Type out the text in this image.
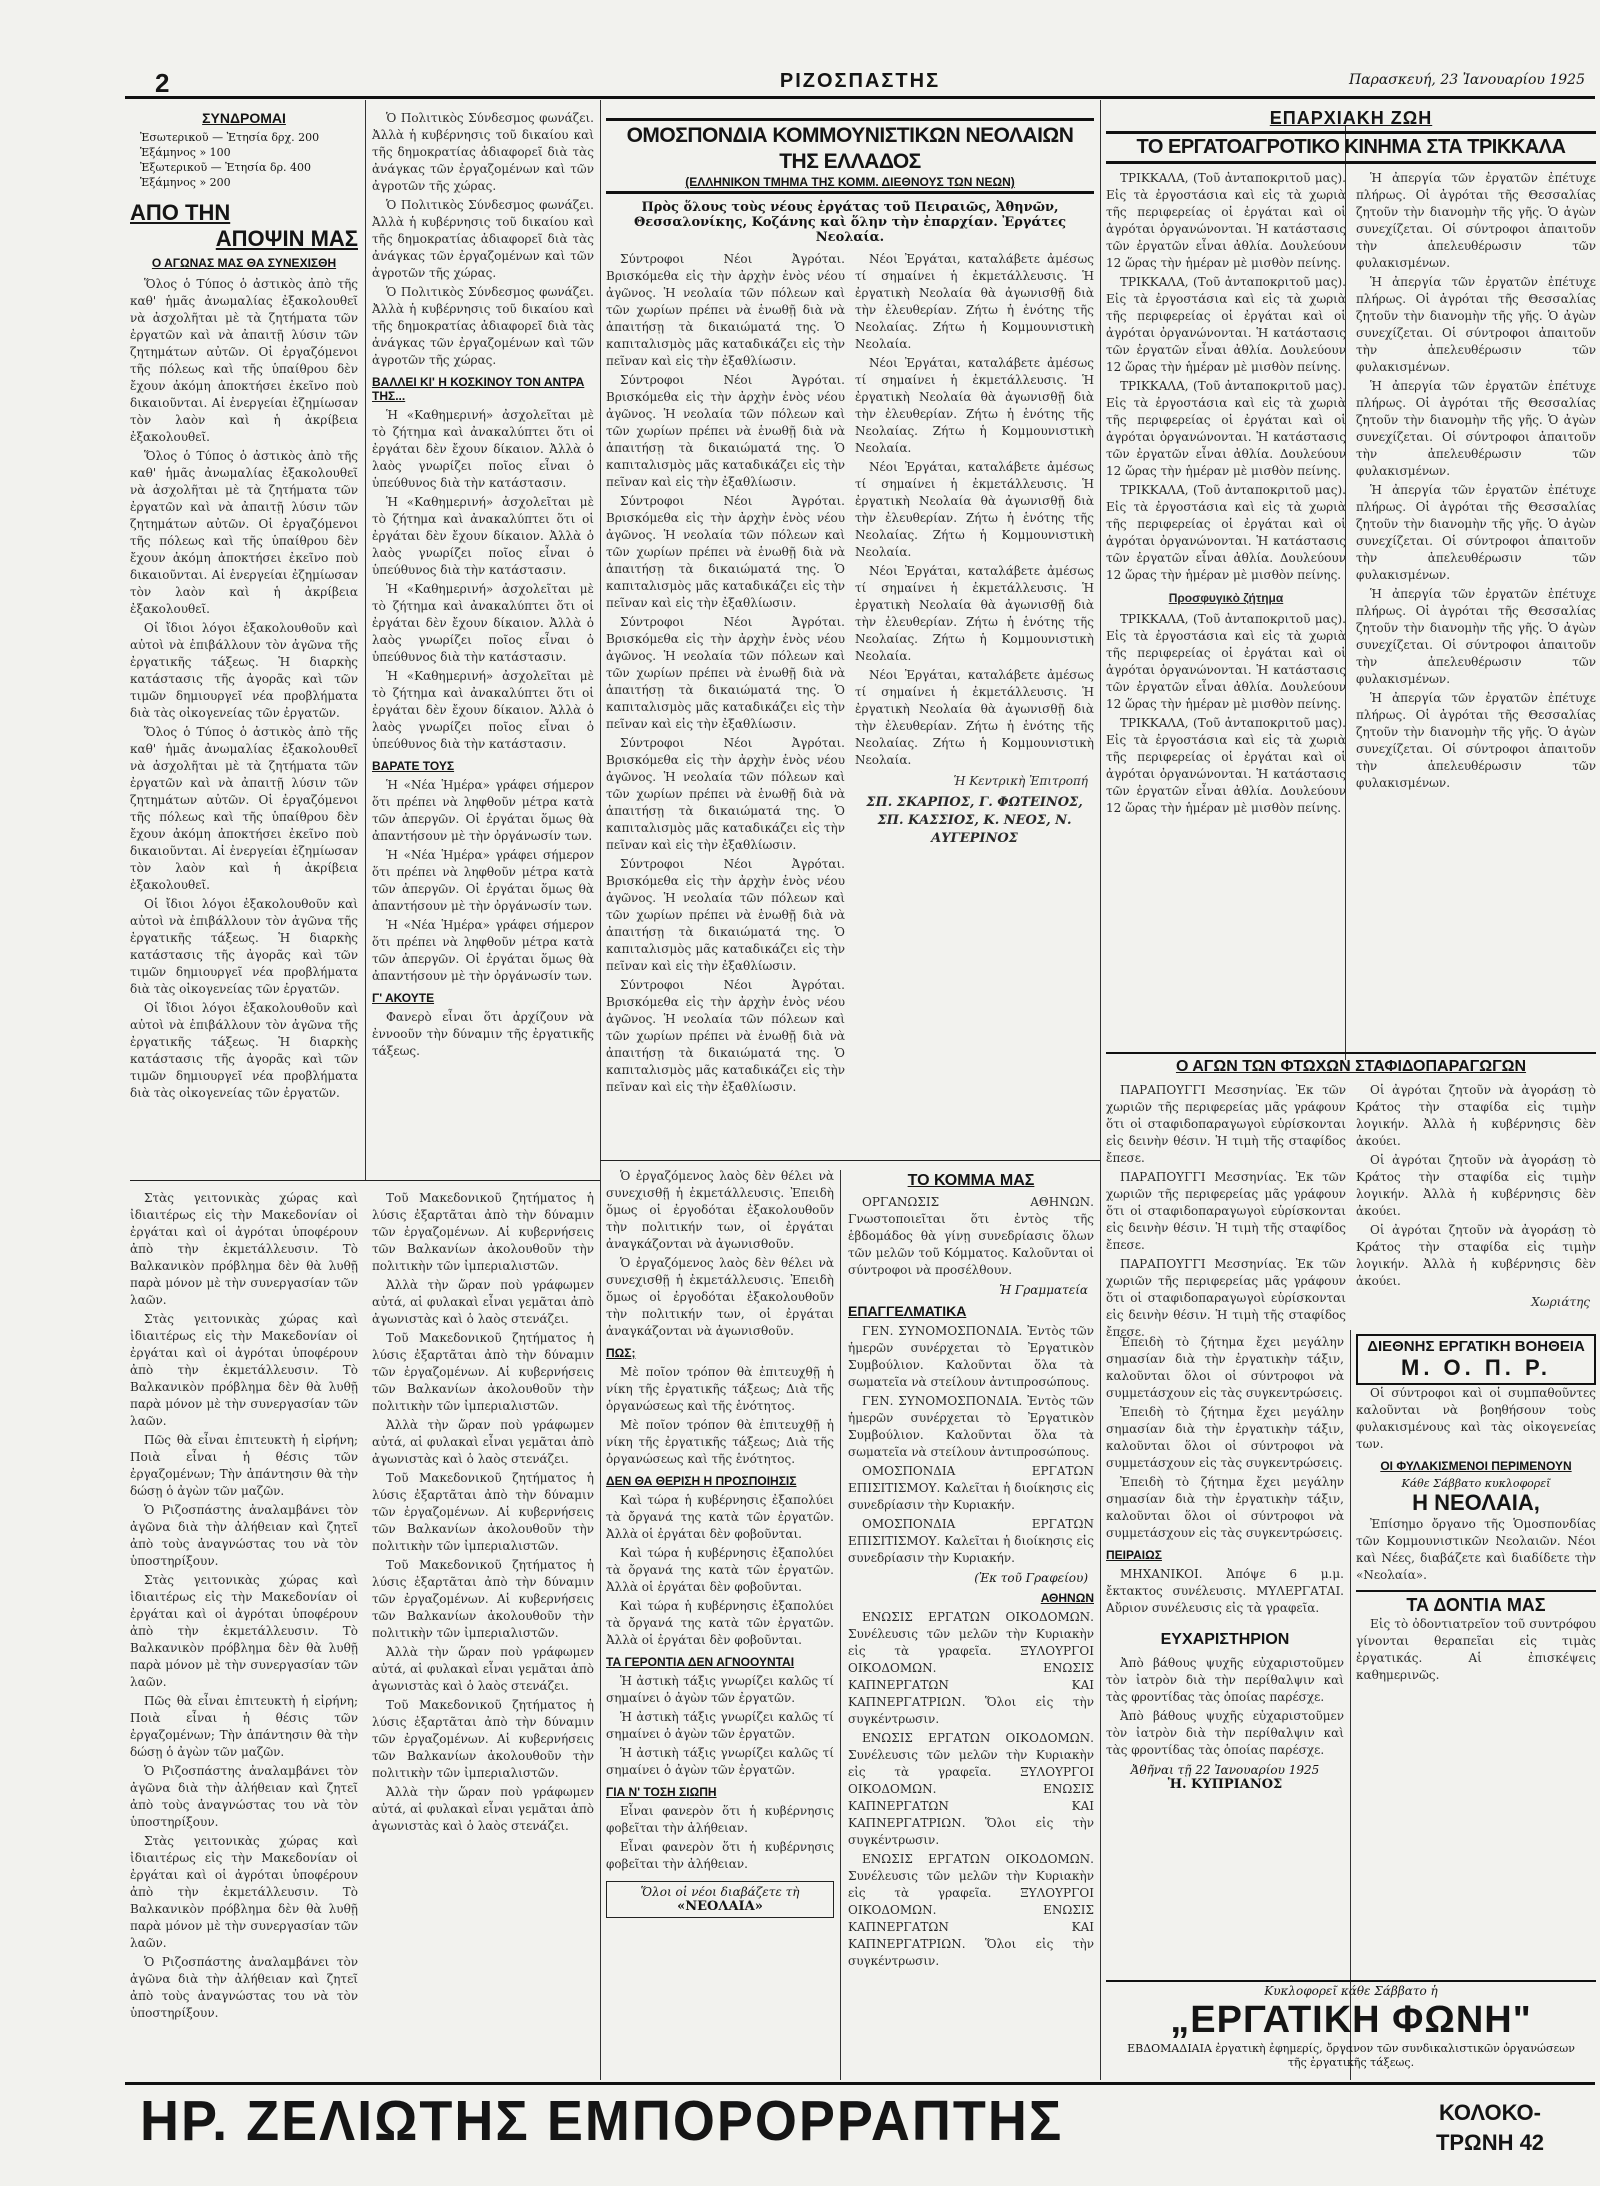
2	ΡΙΖΟΣΠΑΣΤΗΣ	Παρασκευή, 23 Ἰανουαρίου 1925
ΣΥΝΔΡΟΜΑΙ
Ἐσωτερικοῦ — Ἐτησία δρχ. 200
Ἑξάμηνος » 100
Ἐξωτερικοῦ — Ἐτησία δρ. 400
Ἑξάμηνος » 200
ΑΠΟ ΤΗΝ
ΑΠΟΨΙΝ ΜΑΣ
Ο ΑΓΩΝΑΣ ΜΑΣ ΘΑ ΣΥΝΕΧΙΣΘΗ

Ὅλος ὁ Τύπος ὁ ἀστικὸς ἀπὸ τῆς καθ' ἡμᾶς ἀνωμαλίας ἐξακολουθεῖ νὰ ἀσχολῆται μὲ τὰ ζητήματα τῶν ἐργατῶν καὶ νὰ ἀπαιτῇ λύσιν τῶν ζητημάτων αὐτῶν. Οἱ ἐργαζόμενοι τῆς πόλεως καὶ τῆς ὑπαίθρου δὲν ἔχουν ἀκόμη ἀποκτήσει ἐκεῖνο ποὺ δικαιοῦνται. Αἱ ἐνεργείαι ἐζημίωσαν τὸν λαὸν καὶ ἡ ἀκρίβεια ἐξακολουθεῖ.

Ὅλος ὁ Τύπος ὁ ἀστικὸς ἀπὸ τῆς καθ' ἡμᾶς ἀνωμαλίας ἐξακολουθεῖ νὰ ἀσχολῆται μὲ τὰ ζητήματα τῶν ἐργατῶν καὶ νὰ ἀπαιτῇ λύσιν τῶν ζητημάτων αὐτῶν. Οἱ ἐργαζόμενοι τῆς πόλεως καὶ τῆς ὑπαίθρου δὲν ἔχουν ἀκόμη ἀποκτήσει ἐκεῖνο ποὺ δικαιοῦνται. Αἱ ἐνεργείαι ἐζημίωσαν τὸν λαὸν καὶ ἡ ἀκρίβεια ἐξακολουθεῖ.

Οἱ ἴδιοι λόγοι ἐξακολουθοῦν καὶ αὐτοὶ νὰ ἐπιβάλλουν τὸν ἀγῶνα τῆς ἐργατικῆς τάξεως. Ἡ διαρκὴς κατάστασις τῆς ἀγορᾶς καὶ τῶν τιμῶν δημιουργεῖ νέα προβλήματα διὰ τὰς οἰκογενείας τῶν ἐργατῶν.

Ὅλος ὁ Τύπος ὁ ἀστικὸς ἀπὸ τῆς καθ' ἡμᾶς ἀνωμαλίας ἐξακολουθεῖ νὰ ἀσχολῆται μὲ τὰ ζητήματα τῶν ἐργατῶν καὶ νὰ ἀπαιτῇ λύσιν τῶν ζητημάτων αὐτῶν. Οἱ ἐργαζόμενοι τῆς πόλεως καὶ τῆς ὑπαίθρου δὲν ἔχουν ἀκόμη ἀποκτήσει ἐκεῖνο ποὺ δικαιοῦνται. Αἱ ἐνεργείαι ἐζημίωσαν τὸν λαὸν καὶ ἡ ἀκρίβεια ἐξακολουθεῖ.

Οἱ ἴδιοι λόγοι ἐξακολουθοῦν καὶ αὐτοὶ νὰ ἐπιβάλλουν τὸν ἀγῶνα τῆς ἐργατικῆς τάξεως. Ἡ διαρκὴς κατάστασις τῆς ἀγορᾶς καὶ τῶν τιμῶν δημιουργεῖ νέα προβλήματα διὰ τὰς οἰκογενείας τῶν ἐργατῶν.

Οἱ ἴδιοι λόγοι ἐξακολουθοῦν καὶ αὐτοὶ νὰ ἐπιβάλλουν τὸν ἀγῶνα τῆς ἐργατικῆς τάξεως. Ἡ διαρκὴς κατάστασις τῆς ἀγορᾶς καὶ τῶν τιμῶν δημιουργεῖ νέα προβλήματα διὰ τὰς οἰκογενείας τῶν ἐργατῶν.

Ὁ Πολιτικὸς Σύνδεσμος φωνάζει. Ἀλλὰ ἡ κυβέρνησις τοῦ δικαίου καὶ τῆς δημοκρατίας ἀδιαφορεῖ διὰ τὰς ἀνάγκας τῶν ἐργαζομένων καὶ τῶν ἀγροτῶν τῆς χώρας.

Ὁ Πολιτικὸς Σύνδεσμος φωνάζει. Ἀλλὰ ἡ κυβέρνησις τοῦ δικαίου καὶ τῆς δημοκρατίας ἀδιαφορεῖ διὰ τὰς ἀνάγκας τῶν ἐργαζομένων καὶ τῶν ἀγροτῶν τῆς χώρας.

Ὁ Πολιτικὸς Σύνδεσμος φωνάζει. Ἀλλὰ ἡ κυβέρνησις τοῦ δικαίου καὶ τῆς δημοκρατίας ἀδιαφορεῖ διὰ τὰς ἀνάγκας τῶν ἐργαζομένων καὶ τῶν ἀγροτῶν τῆς χώρας.

ΒΑΛΛΕΙ ΚΙ' Η ΚΟΣΚΙΝΟΥ ΤΟΝ ΑΝΤΡΑ ΤΗΣ...

Ἡ «Καθημερινή» ἀσχολεῖται μὲ τὸ ζήτημα καὶ ἀνακαλύπτει ὅτι οἱ ἐργάται δὲν ἔχουν δίκαιον. Ἀλλὰ ὁ λαὸς γνωρίζει ποῖος εἶναι ὁ ὑπεύθυνος διὰ τὴν κατάστασιν.

Ἡ «Καθημερινή» ἀσχολεῖται μὲ τὸ ζήτημα καὶ ἀνακαλύπτει ὅτι οἱ ἐργάται δὲν ἔχουν δίκαιον. Ἀλλὰ ὁ λαὸς γνωρίζει ποῖος εἶναι ὁ ὑπεύθυνος διὰ τὴν κατάστασιν.

Ἡ «Καθημερινή» ἀσχολεῖται μὲ τὸ ζήτημα καὶ ἀνακαλύπτει ὅτι οἱ ἐργάται δὲν ἔχουν δίκαιον. Ἀλλὰ ὁ λαὸς γνωρίζει ποῖος εἶναι ὁ ὑπεύθυνος διὰ τὴν κατάστασιν.

Ἡ «Καθημερινή» ἀσχολεῖται μὲ τὸ ζήτημα καὶ ἀνακαλύπτει ὅτι οἱ ἐργάται δὲν ἔχουν δίκαιον. Ἀλλὰ ὁ λαὸς γνωρίζει ποῖος εἶναι ὁ ὑπεύθυνος διὰ τὴν κατάστασιν.

ΒΑΡΑΤΕ ΤΟΥΣ

Ἡ «Νέα Ἡμέρα» γράφει σήμερον ὅτι πρέπει νὰ ληφθοῦν μέτρα κατὰ τῶν ἀπεργῶν. Οἱ ἐργάται ὅμως θὰ ἀπαντήσουν μὲ τὴν ὀργάνωσίν των.

Ἡ «Νέα Ἡμέρα» γράφει σήμερον ὅτι πρέπει νὰ ληφθοῦν μέτρα κατὰ τῶν ἀπεργῶν. Οἱ ἐργάται ὅμως θὰ ἀπαντήσουν μὲ τὴν ὀργάνωσίν των.

Ἡ «Νέα Ἡμέρα» γράφει σήμερον ὅτι πρέπει νὰ ληφθοῦν μέτρα κατὰ τῶν ἀπεργῶν. Οἱ ἐργάται ὅμως θὰ ἀπαντήσουν μὲ τὴν ὀργάνωσίν των.

Γ' ΑΚΟΥΤΕ

Φανερὸ εἶναι ὅτι ἀρχίζουν νὰ ἐννοοῦν τὴν δύναμιν τῆς ἐργατικῆς τάξεως.

Στὰς γειτονικὰς χώρας καὶ ἰδιαιτέρως εἰς τὴν Μακεδονίαν οἱ ἐργάται καὶ οἱ ἀγρόται ὑποφέρουν ἀπὸ τὴν ἐκμετάλλευσιν. Τὸ Βαλκανικὸν πρόβλημα δὲν θὰ λυθῇ παρὰ μόνον μὲ τὴν συνεργασίαν τῶν λαῶν.

Στὰς γειτονικὰς χώρας καὶ ἰδιαιτέρως εἰς τὴν Μακεδονίαν οἱ ἐργάται καὶ οἱ ἀγρόται ὑποφέρουν ἀπὸ τὴν ἐκμετάλλευσιν. Τὸ Βαλκανικὸν πρόβλημα δὲν θὰ λυθῇ παρὰ μόνον μὲ τὴν συνεργασίαν τῶν λαῶν.

Πῶς θὰ εἶναι ἐπιτευκτὴ ἡ εἰρήνη; Ποιὰ εἶναι ἡ θέσις τῶν ἐργαζομένων; Τὴν ἀπάντησιν θὰ τὴν δώσῃ ὁ ἀγὼν τῶν μαζῶν.

Ὁ Ριζοσπάστης ἀναλαμβάνει τὸν ἀγῶνα διὰ τὴν ἀλήθειαν καὶ ζητεῖ ἀπὸ τοὺς ἀναγνώστας του νὰ τὸν ὑποστηρίξουν.

Στὰς γειτονικὰς χώρας καὶ ἰδιαιτέρως εἰς τὴν Μακεδονίαν οἱ ἐργάται καὶ οἱ ἀγρόται ὑποφέρουν ἀπὸ τὴν ἐκμετάλλευσιν. Τὸ Βαλκανικὸν πρόβλημα δὲν θὰ λυθῇ παρὰ μόνον μὲ τὴν συνεργασίαν τῶν λαῶν.

Πῶς θὰ εἶναι ἐπιτευκτὴ ἡ εἰρήνη; Ποιὰ εἶναι ἡ θέσις τῶν ἐργαζομένων; Τὴν ἀπάντησιν θὰ τὴν δώσῃ ὁ ἀγὼν τῶν μαζῶν.

Ὁ Ριζοσπάστης ἀναλαμβάνει τὸν ἀγῶνα διὰ τὴν ἀλήθειαν καὶ ζητεῖ ἀπὸ τοὺς ἀναγνώστας του νὰ τὸν ὑποστηρίξουν.

Στὰς γειτονικὰς χώρας καὶ ἰδιαιτέρως εἰς τὴν Μακεδονίαν οἱ ἐργάται καὶ οἱ ἀγρόται ὑποφέρουν ἀπὸ τὴν ἐκμετάλλευσιν. Τὸ Βαλκανικὸν πρόβλημα δὲν θὰ λυθῇ παρὰ μόνον μὲ τὴν συνεργασίαν τῶν λαῶν.

Ὁ Ριζοσπάστης ἀναλαμβάνει τὸν ἀγῶνα διὰ τὴν ἀλήθειαν καὶ ζητεῖ ἀπὸ τοὺς ἀναγνώστας του νὰ τὸν ὑποστηρίξουν.

Τοῦ Μακεδονικοῦ ζητήματος ἡ λύσις ἐξαρτᾶται ἀπὸ τὴν δύναμιν τῶν ἐργαζομένων. Αἱ κυβερνήσεις τῶν Βαλκανίων ἀκολουθοῦν τὴν πολιτικὴν τῶν ἰμπεριαλιστῶν.

Ἀλλὰ τὴν ὥραν ποὺ γράφωμεν αὐτά, αἱ φυλακαὶ εἶναι γεμᾶται ἀπὸ ἀγωνιστὰς καὶ ὁ λαὸς στενάζει.

Τοῦ Μακεδονικοῦ ζητήματος ἡ λύσις ἐξαρτᾶται ἀπὸ τὴν δύναμιν τῶν ἐργαζομένων. Αἱ κυβερνήσεις τῶν Βαλκανίων ἀκολουθοῦν τὴν πολιτικὴν τῶν ἰμπεριαλιστῶν.

Ἀλλὰ τὴν ὥραν ποὺ γράφωμεν αὐτά, αἱ φυλακαὶ εἶναι γεμᾶται ἀπὸ ἀγωνιστὰς καὶ ὁ λαὸς στενάζει.

Τοῦ Μακεδονικοῦ ζητήματος ἡ λύσις ἐξαρτᾶται ἀπὸ τὴν δύναμιν τῶν ἐργαζομένων. Αἱ κυβερνήσεις τῶν Βαλκανίων ἀκολουθοῦν τὴν πολιτικὴν τῶν ἰμπεριαλιστῶν.

Τοῦ Μακεδονικοῦ ζητήματος ἡ λύσις ἐξαρτᾶται ἀπὸ τὴν δύναμιν τῶν ἐργαζομένων. Αἱ κυβερνήσεις τῶν Βαλκανίων ἀκολουθοῦν τὴν πολιτικὴν τῶν ἰμπεριαλιστῶν.

Ἀλλὰ τὴν ὥραν ποὺ γράφωμεν αὐτά, αἱ φυλακαὶ εἶναι γεμᾶται ἀπὸ ἀγωνιστὰς καὶ ὁ λαὸς στενάζει.

Τοῦ Μακεδονικοῦ ζητήματος ἡ λύσις ἐξαρτᾶται ἀπὸ τὴν δύναμιν τῶν ἐργαζομένων. Αἱ κυβερνήσεις τῶν Βαλκανίων ἀκολουθοῦν τὴν πολιτικὴν τῶν ἰμπεριαλιστῶν.

Ἀλλὰ τὴν ὥραν ποὺ γράφωμεν αὐτά, αἱ φυλακαὶ εἶναι γεμᾶται ἀπὸ ἀγωνιστὰς καὶ ὁ λαὸς στενάζει.

ΟΜΟΣΠΟΝΔΙΑ ΚΟΜΜΟΥΝΙΣΤΙΚΩΝ ΝΕΟΛΑΙΩΝ ΤΗΣ ΕΛΛΑΔΟΣ
(ΕΛΛΗΝΙΚΟΝ ΤΜΗΜΑ ΤΗΣ ΚΟΜΜ. ΔΙΕΘΝΟΥΣ ΤΩΝ ΝΕΩΝ)
Πρὸς ὅλους τοὺς νέους ἐργάτας τοῦ Πειραιῶς, Ἀθηνῶν, Θεσσαλονίκης, Κοζάνης καὶ ὅλην τὴν ἐπαρχίαν. Ἐργάτες Νεολαία.

Σύντροφοι Νέοι Ἀγρόται. Βρισκόμεθα εἰς τὴν ἀρχὴν ἑνὸς νέου ἀγῶνος. Ἡ νεολαία τῶν πόλεων καὶ τῶν χωρίων πρέπει νὰ ἑνωθῇ διὰ νὰ ἀπαιτήσῃ τὰ δικαιώματά της. Ὁ καπιταλισμὸς μᾶς καταδικάζει εἰς τὴν πεῖναν καὶ εἰς τὴν ἐξαθλίωσιν.

Σύντροφοι Νέοι Ἀγρόται. Βρισκόμεθα εἰς τὴν ἀρχὴν ἑνὸς νέου ἀγῶνος. Ἡ νεολαία τῶν πόλεων καὶ τῶν χωρίων πρέπει νὰ ἑνωθῇ διὰ νὰ ἀπαιτήσῃ τὰ δικαιώματά της. Ὁ καπιταλισμὸς μᾶς καταδικάζει εἰς τὴν πεῖναν καὶ εἰς τὴν ἐξαθλίωσιν.

Σύντροφοι Νέοι Ἀγρόται. Βρισκόμεθα εἰς τὴν ἀρχὴν ἑνὸς νέου ἀγῶνος. Ἡ νεολαία τῶν πόλεων καὶ τῶν χωρίων πρέπει νὰ ἑνωθῇ διὰ νὰ ἀπαιτήσῃ τὰ δικαιώματά της. Ὁ καπιταλισμὸς μᾶς καταδικάζει εἰς τὴν πεῖναν καὶ εἰς τὴν ἐξαθλίωσιν.

Σύντροφοι Νέοι Ἀγρόται. Βρισκόμεθα εἰς τὴν ἀρχὴν ἑνὸς νέου ἀγῶνος. Ἡ νεολαία τῶν πόλεων καὶ τῶν χωρίων πρέπει νὰ ἑνωθῇ διὰ νὰ ἀπαιτήσῃ τὰ δικαιώματά της. Ὁ καπιταλισμὸς μᾶς καταδικάζει εἰς τὴν πεῖναν καὶ εἰς τὴν ἐξαθλίωσιν.

Σύντροφοι Νέοι Ἀγρόται. Βρισκόμεθα εἰς τὴν ἀρχὴν ἑνὸς νέου ἀγῶνος. Ἡ νεολαία τῶν πόλεων καὶ τῶν χωρίων πρέπει νὰ ἑνωθῇ διὰ νὰ ἀπαιτήσῃ τὰ δικαιώματά της. Ὁ καπιταλισμὸς μᾶς καταδικάζει εἰς τὴν πεῖναν καὶ εἰς τὴν ἐξαθλίωσιν.

Σύντροφοι Νέοι Ἀγρόται. Βρισκόμεθα εἰς τὴν ἀρχὴν ἑνὸς νέου ἀγῶνος. Ἡ νεολαία τῶν πόλεων καὶ τῶν χωρίων πρέπει νὰ ἑνωθῇ διὰ νὰ ἀπαιτήσῃ τὰ δικαιώματά της. Ὁ καπιταλισμὸς μᾶς καταδικάζει εἰς τὴν πεῖναν καὶ εἰς τὴν ἐξαθλίωσιν.

Σύντροφοι Νέοι Ἀγρόται. Βρισκόμεθα εἰς τὴν ἀρχὴν ἑνὸς νέου ἀγῶνος. Ἡ νεολαία τῶν πόλεων καὶ τῶν χωρίων πρέπει νὰ ἑνωθῇ διὰ νὰ ἀπαιτήσῃ τὰ δικαιώματά της. Ὁ καπιταλισμὸς μᾶς καταδικάζει εἰς τὴν πεῖναν καὶ εἰς τὴν ἐξαθλίωσιν.

Νέοι Ἐργάται, καταλάβετε ἀμέσως τί σημαίνει ἡ ἐκμετάλλευσις. Ἡ ἐργατικὴ Νεολαία θὰ ἀγωνισθῇ διὰ τὴν ἐλευθερίαν. Ζήτω ἡ ἑνότης τῆς Νεολαίας. Ζήτω ἡ Κομμουνιστικὴ Νεολαία.

Νέοι Ἐργάται, καταλάβετε ἀμέσως τί σημαίνει ἡ ἐκμετάλλευσις. Ἡ ἐργατικὴ Νεολαία θὰ ἀγωνισθῇ διὰ τὴν ἐλευθερίαν. Ζήτω ἡ ἑνότης τῆς Νεολαίας. Ζήτω ἡ Κομμουνιστικὴ Νεολαία.

Νέοι Ἐργάται, καταλάβετε ἀμέσως τί σημαίνει ἡ ἐκμετάλλευσις. Ἡ ἐργατικὴ Νεολαία θὰ ἀγωνισθῇ διὰ τὴν ἐλευθερίαν. Ζήτω ἡ ἑνότης τῆς Νεολαίας. Ζήτω ἡ Κομμουνιστικὴ Νεολαία.

Νέοι Ἐργάται, καταλάβετε ἀμέσως τί σημαίνει ἡ ἐκμετάλλευσις. Ἡ ἐργατικὴ Νεολαία θὰ ἀγωνισθῇ διὰ τὴν ἐλευθερίαν. Ζήτω ἡ ἑνότης τῆς Νεολαίας. Ζήτω ἡ Κομμουνιστικὴ Νεολαία.

Νέοι Ἐργάται, καταλάβετε ἀμέσως τί σημαίνει ἡ ἐκμετάλλευσις. Ἡ ἐργατικὴ Νεολαία θὰ ἀγωνισθῇ διὰ τὴν ἐλευθερίαν. Ζήτω ἡ ἑνότης τῆς Νεολαίας. Ζήτω ἡ Κομμουνιστικὴ Νεολαία.

Ἡ Κεντρικὴ Ἐπιτροπή
ΣΠ. ΣΚΑΡΠΟΣ, Γ. ΦΩΤΕΙΝΟΣ, ΣΠ. ΚΑΣΣΙΟΣ, Κ. ΝΕΟΣ, Ν. ΑΥΓΕΡΙΝΟΣ

Ὁ ἐργαζόμενος λαὸς δὲν θέλει νὰ συνεχισθῇ ἡ ἐκμετάλλευσις. Ἐπειδὴ ὅμως οἱ ἐργοδόται ἐξακολουθοῦν τὴν πολιτικήν των, οἱ ἐργάται ἀναγκάζονται νὰ ἀγωνισθοῦν.

Ὁ ἐργαζόμενος λαὸς δὲν θέλει νὰ συνεχισθῇ ἡ ἐκμετάλλευσις. Ἐπειδὴ ὅμως οἱ ἐργοδόται ἐξακολουθοῦν τὴν πολιτικήν των, οἱ ἐργάται ἀναγκάζονται νὰ ἀγωνισθοῦν.

ΠΩΣ;

Μὲ ποῖον τρόπον θὰ ἐπιτευχθῇ ἡ νίκη τῆς ἐργατικῆς τάξεως; Διὰ τῆς ὀργανώσεως καὶ τῆς ἑνότητος.

Μὲ ποῖον τρόπον θὰ ἐπιτευχθῇ ἡ νίκη τῆς ἐργατικῆς τάξεως; Διὰ τῆς ὀργανώσεως καὶ τῆς ἑνότητος.

ΔΕΝ ΘΑ ΘΕΡΙΣΗ Η ΠΡΟΣΠΟΙΗΣΙΣ

Καὶ τώρα ἡ κυβέρνησις ἐξαπολύει τὰ ὄργανά της κατὰ τῶν ἐργατῶν. Ἀλλὰ οἱ ἐργάται δὲν φοβοῦνται.

Καὶ τώρα ἡ κυβέρνησις ἐξαπολύει τὰ ὄργανά της κατὰ τῶν ἐργατῶν. Ἀλλὰ οἱ ἐργάται δὲν φοβοῦνται.

Καὶ τώρα ἡ κυβέρνησις ἐξαπολύει τὰ ὄργανά της κατὰ τῶν ἐργατῶν. Ἀλλὰ οἱ ἐργάται δὲν φοβοῦνται.

ΤΑ ΓΕΡΟΝΤΙΑ ΔΕΝ ΑΓΝΟΟΥΝΤΑΙ

Ἡ ἀστικὴ τάξις γνωρίζει καλῶς τί σημαίνει ὁ ἀγὼν τῶν ἐργατῶν.

Ἡ ἀστικὴ τάξις γνωρίζει καλῶς τί σημαίνει ὁ ἀγὼν τῶν ἐργατῶν.

Ἡ ἀστικὴ τάξις γνωρίζει καλῶς τί σημαίνει ὁ ἀγὼν τῶν ἐργατῶν.

ΓΙΑ Ν' ΤΟΣΗ ΣΙΩΠΗ

Εἶναι φανερὸν ὅτι ἡ κυβέρνησις φοβεῖται τὴν ἀλήθειαν.

Εἶναι φανερὸν ὅτι ἡ κυβέρνησις φοβεῖται τὴν ἀλήθειαν.

Ὅλοι οἱ νέοι διαβάζετε τὴ
«ΝΕΟΛΑΙΑ»
ΤΟ ΚΟΜΜΑ ΜΑΣ

ΟΡΓΑΝΩΣΙΣ ΑΘΗΝΩΝ. Γνωστοποιεῖται ὅτι ἐντὸς τῆς ἑβδομάδος θὰ γίνῃ συνεδρίασις ὅλων τῶν μελῶν τοῦ Κόμματος. Καλοῦνται οἱ σύντροφοι νὰ προσέλθουν.

Ἡ Γραμματεία
ΕΠΑΓΓΕΛΜΑΤΙΚΑ

ΓΕΝ. ΣΥΝΟΜΟΣΠΟΝΔΙΑ. Ἐντὸς τῶν ἡμερῶν συνέρχεται τὸ Ἐργατικὸν Συμβούλιον. Καλοῦνται ὅλα τὰ σωματεῖα νὰ στείλουν ἀντιπροσώπους.

ΓΕΝ. ΣΥΝΟΜΟΣΠΟΝΔΙΑ. Ἐντὸς τῶν ἡμερῶν συνέρχεται τὸ Ἐργατικὸν Συμβούλιον. Καλοῦνται ὅλα τὰ σωματεῖα νὰ στείλουν ἀντιπροσώπους.

ΟΜΟΣΠΟΝΔΙΑ ΕΡΓΑΤΩΝ ΕΠΙΣΙΤΙΣΜΟΥ. Καλεῖται ἡ διοίκησις εἰς συνεδρίασιν τὴν Κυριακήν.

ΟΜΟΣΠΟΝΔΙΑ ΕΡΓΑΤΩΝ ΕΠΙΣΙΤΙΣΜΟΥ. Καλεῖται ἡ διοίκησις εἰς συνεδρίασιν τὴν Κυριακήν.

(Ἐκ τοῦ Γραφείου)
ΑΘΗΝΩΝ

ΕΝΩΣΙΣ ΕΡΓΑΤΩΝ ΟΙΚΟΔΟΜΩΝ. Συνέλευσις τῶν μελῶν τὴν Κυριακὴν εἰς τὰ γραφεῖα. ΞΥΛΟΥΡΓΟΙ ΟΙΚΟΔΟΜΩΝ. ΕΝΩΣΙΣ ΚΑΠΝΕΡΓΑΤΩΝ ΚΑΙ ΚΑΠΝΕΡΓΑΤΡΙΩΝ. Ὅλοι εἰς τὴν συγκέντρωσιν.

ΕΝΩΣΙΣ ΕΡΓΑΤΩΝ ΟΙΚΟΔΟΜΩΝ. Συνέλευσις τῶν μελῶν τὴν Κυριακὴν εἰς τὰ γραφεῖα. ΞΥΛΟΥΡΓΟΙ ΟΙΚΟΔΟΜΩΝ. ΕΝΩΣΙΣ ΚΑΠΝΕΡΓΑΤΩΝ ΚΑΙ ΚΑΠΝΕΡΓΑΤΡΙΩΝ. Ὅλοι εἰς τὴν συγκέντρωσιν.

ΕΝΩΣΙΣ ΕΡΓΑΤΩΝ ΟΙΚΟΔΟΜΩΝ. Συνέλευσις τῶν μελῶν τὴν Κυριακὴν εἰς τὰ γραφεῖα. ΞΥΛΟΥΡΓΟΙ ΟΙΚΟΔΟΜΩΝ. ΕΝΩΣΙΣ ΚΑΠΝΕΡΓΑΤΩΝ ΚΑΙ ΚΑΠΝΕΡΓΑΤΡΙΩΝ. Ὅλοι εἰς τὴν συγκέντρωσιν.

ΕΠΑΡΧΙΑΚΗ ΖΩΗ
ΤΟ ΕΡΓΑΤΟΑΓΡΟΤΙΚΟ ΚΙΝΗΜΑ ΣΤΑ ΤΡΙΚΚΑΛΑ

ΤΡΙΚΚΑΛΑ, (Τοῦ ἀνταποκριτοῦ μας). Εἰς τὰ ἐργοστάσια καὶ εἰς τὰ χωριὰ τῆς περιφερείας οἱ ἐργάται καὶ οἱ ἀγρόται ὀργανώνονται. Ἡ κατάστασις τῶν ἐργατῶν εἶναι ἀθλία. Δουλεύουν 12 ὥρας τὴν ἡμέραν μὲ μισθὸν πείνης.

ΤΡΙΚΚΑΛΑ, (Τοῦ ἀνταποκριτοῦ μας). Εἰς τὰ ἐργοστάσια καὶ εἰς τὰ χωριὰ τῆς περιφερείας οἱ ἐργάται καὶ οἱ ἀγρόται ὀργανώνονται. Ἡ κατάστασις τῶν ἐργατῶν εἶναι ἀθλία. Δουλεύουν 12 ὥρας τὴν ἡμέραν μὲ μισθὸν πείνης.

ΤΡΙΚΚΑΛΑ, (Τοῦ ἀνταποκριτοῦ μας). Εἰς τὰ ἐργοστάσια καὶ εἰς τὰ χωριὰ τῆς περιφερείας οἱ ἐργάται καὶ οἱ ἀγρόται ὀργανώνονται. Ἡ κατάστασις τῶν ἐργατῶν εἶναι ἀθλία. Δουλεύουν 12 ὥρας τὴν ἡμέραν μὲ μισθὸν πείνης.

ΤΡΙΚΚΑΛΑ, (Τοῦ ἀνταποκριτοῦ μας). Εἰς τὰ ἐργοστάσια καὶ εἰς τὰ χωριὰ τῆς περιφερείας οἱ ἐργάται καὶ οἱ ἀγρόται ὀργανώνονται. Ἡ κατάστασις τῶν ἐργατῶν εἶναι ἀθλία. Δουλεύουν 12 ὥρας τὴν ἡμέραν μὲ μισθὸν πείνης.

Προσφυγικὸ ζήτημα

ΤΡΙΚΚΑΛΑ, (Τοῦ ἀνταποκριτοῦ μας). Εἰς τὰ ἐργοστάσια καὶ εἰς τὰ χωριὰ τῆς περιφερείας οἱ ἐργάται καὶ οἱ ἀγρόται ὀργανώνονται. Ἡ κατάστασις τῶν ἐργατῶν εἶναι ἀθλία. Δουλεύουν 12 ὥρας τὴν ἡμέραν μὲ μισθὸν πείνης.

ΤΡΙΚΚΑΛΑ, (Τοῦ ἀνταποκριτοῦ μας). Εἰς τὰ ἐργοστάσια καὶ εἰς τὰ χωριὰ τῆς περιφερείας οἱ ἐργάται καὶ οἱ ἀγρόται ὀργανώνονται. Ἡ κατάστασις τῶν ἐργατῶν εἶναι ἀθλία. Δουλεύουν 12 ὥρας τὴν ἡμέραν μὲ μισθὸν πείνης.

Ἡ ἀπεργία τῶν ἐργατῶν ἐπέτυχε πλήρως. Οἱ ἀγρόται τῆς Θεσσαλίας ζητοῦν τὴν διανομὴν τῆς γῆς. Ὁ ἀγὼν συνεχίζεται. Οἱ σύντροφοι ἀπαιτοῦν τὴν ἀπελευθέρωσιν τῶν φυλακισμένων.

Ἡ ἀπεργία τῶν ἐργατῶν ἐπέτυχε πλήρως. Οἱ ἀγρόται τῆς Θεσσαλίας ζητοῦν τὴν διανομὴν τῆς γῆς. Ὁ ἀγὼν συνεχίζεται. Οἱ σύντροφοι ἀπαιτοῦν τὴν ἀπελευθέρωσιν τῶν φυλακισμένων.

Ἡ ἀπεργία τῶν ἐργατῶν ἐπέτυχε πλήρως. Οἱ ἀγρόται τῆς Θεσσαλίας ζητοῦν τὴν διανομὴν τῆς γῆς. Ὁ ἀγὼν συνεχίζεται. Οἱ σύντροφοι ἀπαιτοῦν τὴν ἀπελευθέρωσιν τῶν φυλακισμένων.

Ἡ ἀπεργία τῶν ἐργατῶν ἐπέτυχε πλήρως. Οἱ ἀγρόται τῆς Θεσσαλίας ζητοῦν τὴν διανομὴν τῆς γῆς. Ὁ ἀγὼν συνεχίζεται. Οἱ σύντροφοι ἀπαιτοῦν τὴν ἀπελευθέρωσιν τῶν φυλακισμένων.

Ἡ ἀπεργία τῶν ἐργατῶν ἐπέτυχε πλήρως. Οἱ ἀγρόται τῆς Θεσσαλίας ζητοῦν τὴν διανομὴν τῆς γῆς. Ὁ ἀγὼν συνεχίζεται. Οἱ σύντροφοι ἀπαιτοῦν τὴν ἀπελευθέρωσιν τῶν φυλακισμένων.

Ἡ ἀπεργία τῶν ἐργατῶν ἐπέτυχε πλήρως. Οἱ ἀγρόται τῆς Θεσσαλίας ζητοῦν τὴν διανομὴν τῆς γῆς. Ὁ ἀγὼν συνεχίζεται. Οἱ σύντροφοι ἀπαιτοῦν τὴν ἀπελευθέρωσιν τῶν φυλακισμένων.

Ο ΑΓΩΝ ΤΩΝ ΦΤΩΧΩΝ ΣΤΑΦΙΔΟΠΑΡΑΓΩΓΩΝ

ΠΑΡΑΠΟΥΓΓΙ Μεσσηνίας. Ἐκ τῶν χωριῶν τῆς περιφερείας μᾶς γράφουν ὅτι οἱ σταφιδοπαραγωγοὶ εὑρίσκονται εἰς δεινὴν θέσιν. Ἡ τιμὴ τῆς σταφίδος ἔπεσε.

ΠΑΡΑΠΟΥΓΓΙ Μεσσηνίας. Ἐκ τῶν χωριῶν τῆς περιφερείας μᾶς γράφουν ὅτι οἱ σταφιδοπαραγωγοὶ εὑρίσκονται εἰς δεινὴν θέσιν. Ἡ τιμὴ τῆς σταφίδος ἔπεσε.

ΠΑΡΑΠΟΥΓΓΙ Μεσσηνίας. Ἐκ τῶν χωριῶν τῆς περιφερείας μᾶς γράφουν ὅτι οἱ σταφιδοπαραγωγοὶ εὑρίσκονται εἰς δεινὴν θέσιν. Ἡ τιμὴ τῆς σταφίδος ἔπεσε.

Οἱ ἀγρόται ζητοῦν νὰ ἀγοράσῃ τὸ Κράτος τὴν σταφίδα εἰς τιμὴν λογικήν. Ἀλλὰ ἡ κυβέρνησις δὲν ἀκούει.

Οἱ ἀγρόται ζητοῦν νὰ ἀγοράσῃ τὸ Κράτος τὴν σταφίδα εἰς τιμὴν λογικήν. Ἀλλὰ ἡ κυβέρνησις δὲν ἀκούει.

Οἱ ἀγρόται ζητοῦν νὰ ἀγοράσῃ τὸ Κράτος τὴν σταφίδα εἰς τιμὴν λογικήν. Ἀλλὰ ἡ κυβέρνησις δὲν ἀκούει.

Χωριάτης

Ἐπειδὴ τὸ ζήτημα ἔχει μεγάλην σημασίαν διὰ τὴν ἐργατικὴν τάξιν, καλοῦνται ὅλοι οἱ σύντροφοι νὰ συμμετάσχουν εἰς τὰς συγκεντρώσεις.

Ἐπειδὴ τὸ ζήτημα ἔχει μεγάλην σημασίαν διὰ τὴν ἐργατικὴν τάξιν, καλοῦνται ὅλοι οἱ σύντροφοι νὰ συμμετάσχουν εἰς τὰς συγκεντρώσεις.

Ἐπειδὴ τὸ ζήτημα ἔχει μεγάλην σημασίαν διὰ τὴν ἐργατικὴν τάξιν, καλοῦνται ὅλοι οἱ σύντροφοι νὰ συμμετάσχουν εἰς τὰς συγκεντρώσεις.

ΠΕΙΡΑΙΩΣ

ΜΗΧΑΝΙΚΟΙ. Ἀπόψε 6 μ.μ. ἔκτακτος συνέλευσις. ΜΥΛΕΡΓΑΤΑΙ. Αὔριον συνέλευσις εἰς τὰ γραφεῖα.

ΕΥΧΑΡΙΣΤΗΡΙΟΝ

Ἀπὸ βάθους ψυχῆς εὐχαριστοῦμεν τὸν ἰατρὸν διὰ τὴν περίθαλψιν καὶ τὰς φροντίδας τὰς ὁποίας παρέσχε.

Ἀπὸ βάθους ψυχῆς εὐχαριστοῦμεν τὸν ἰατρὸν διὰ τὴν περίθαλψιν καὶ τὰς φροντίδας τὰς ὁποίας παρέσχε.

Ἀθῆναι τῇ 22 Ἰανουαρίου 1925
Ἡ. ΚΥΠΡΙΑΝΟΣ
ΔΙΕΘΝΗΣ ΕΡΓΑΤΙΚΗ ΒΟΗΘΕΙΑ
Μ. Ο. Π. Ρ.

Οἱ σύντροφοι καὶ οἱ συμπαθοῦντες καλοῦνται νὰ βοηθήσουν τοὺς φυλακισμένους καὶ τὰς οἰκογενείας των.

ΟΙ ΦΥΛΑΚΙΣΜΕΝΟΙ ΠΕΡΙΜΕΝΟΥΝ
Κάθε Σάββατο κυκλοφορεῖ
Η ΝΕΟΛΑΙΑ,

Ἐπίσημο ὄργανο τῆς Ὁμοσπονδίας τῶν Κομμουνιστικῶν Νεολαιῶν. Νέοι καὶ Νέες, διαβάζετε καὶ διαδίδετε τὴν «Νεολαία».

ΤΑ ΔΟΝΤΙΑ ΜΑΣ

Εἰς τὸ ὀδοντιατρεῖον τοῦ συντρόφου γίνονται θεραπεῖαι εἰς τιμὰς ἐργατικάς. Αἱ ἐπισκέψεις καθημερινῶς.

Κυκλοφορεῖ κάθε Σάββατο ἡ
„ΕΡΓΑΤΙΚΗ ΦΩΝΗ"
ΕΒΔΟΜΑΔΙΑΙΑ ἐργατικὴ ἐφημερίς, ὄργανον τῶν συνδικαλιστικῶν ὀργανώσεων τῆς ἐργατικῆς τάξεως.
ΗΡ. ΖΕΛΙΩΤΗΣ ΕΜΠΟΡΟΡΡΑΠΤΗΣ	ΚΟΛΟΚΟ-
ΤΡΩΝΗ 42
